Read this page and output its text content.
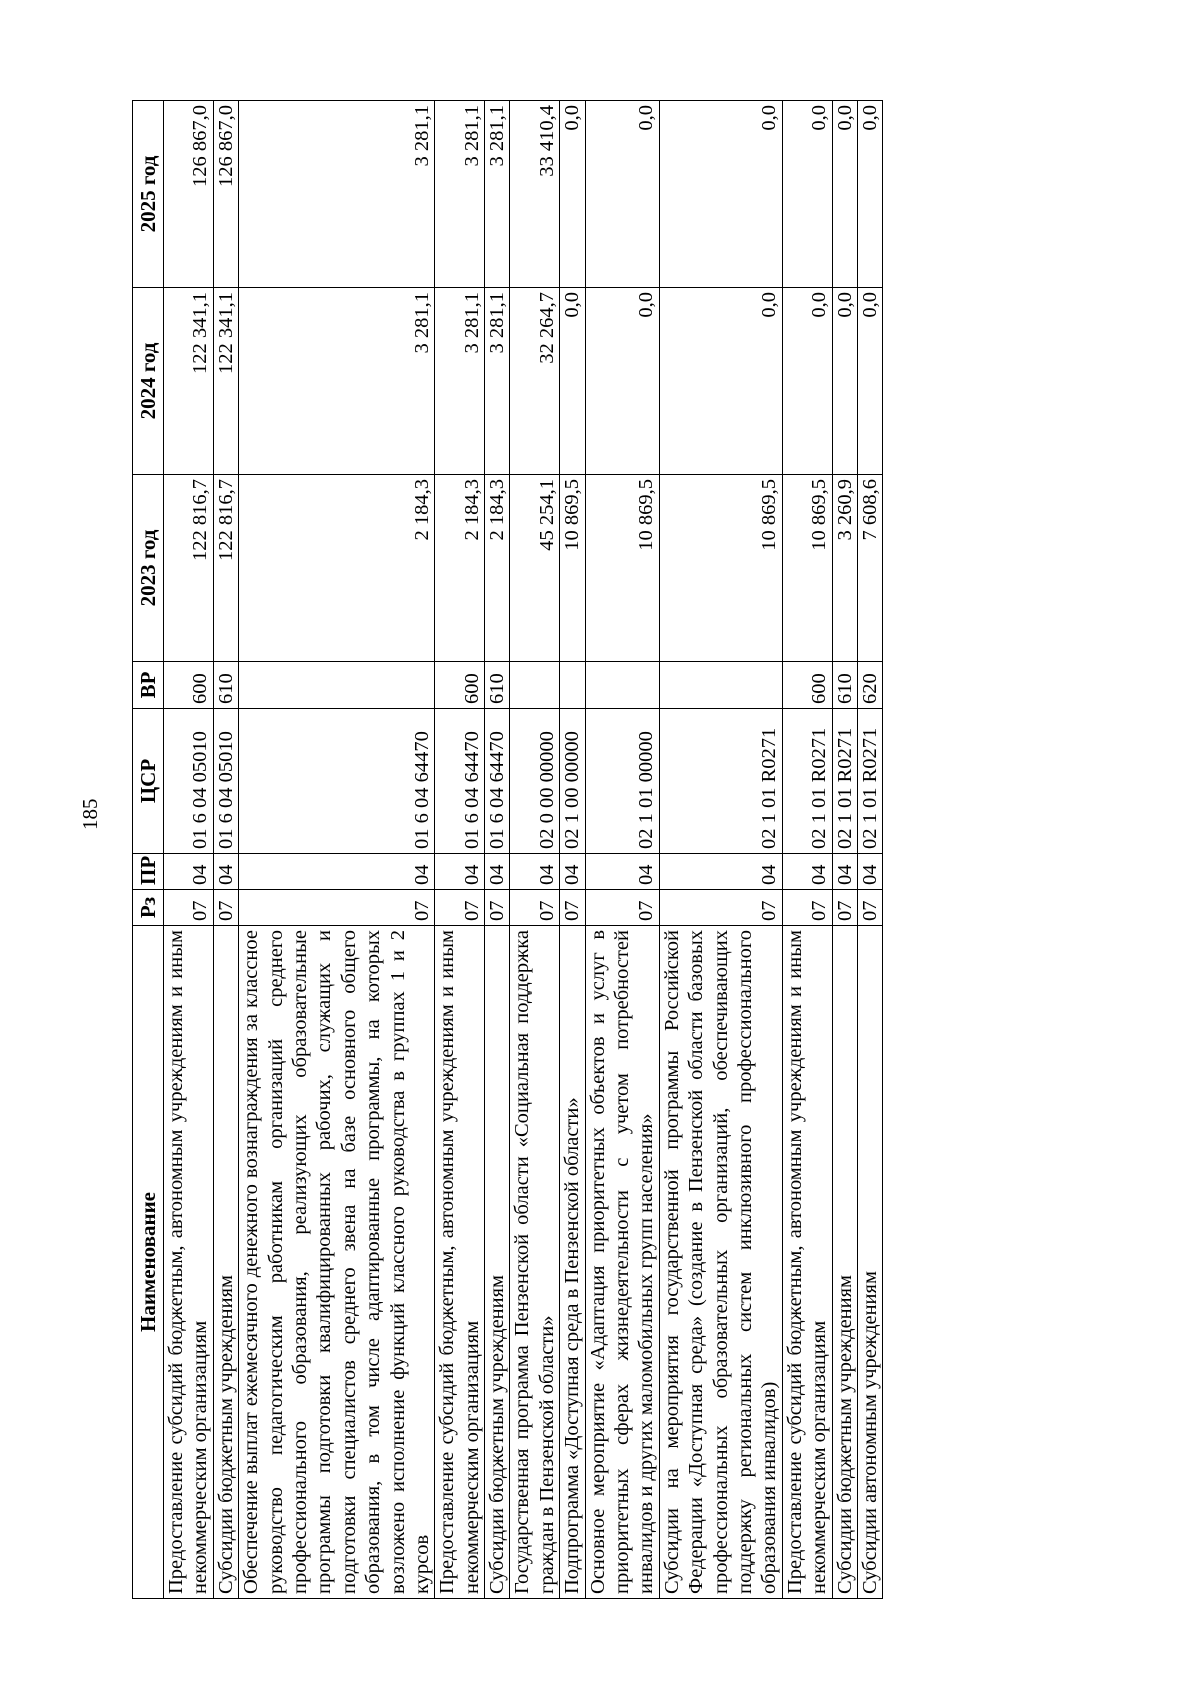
185
Наименование	Рз	ПР	ЦСР	ВР	2023 год	2024 год	2025 год
Предоставление субсидий бюджетным, автономным учреждениям и иным некоммерческим организациям	07	04	01 6 04 05010	600	122 816,7	122 341,1	126 867,0
Субсидии бюджетным учреждениям	07	04	01 6 04 05010	610	122 816,7	122 341,1	126 867,0
Обеспечение выплат ежемесячного денежного вознаграждения за классное руководство педагогическим работникам организаций среднего профессионального образования, реализующих образовательные программы подготовки квалифицированных рабочих, служащих и подготовки специалистов среднего звена на базе основного общего образования, в том числе адаптированные программы, на которых возложено исполнение функций классного руководства в группах 1 и 2 курсов	07	04	01 6 04 64470		2 184,3	3 281,1	3 281,1
Предоставление субсидий бюджетным, автономным учреждениям и иным некоммерческим организациям	07	04	01 6 04 64470	600	2 184,3	3 281,1	3 281,1
Субсидии бюджетным учреждениям	07	04	01 6 04 64470	610	2 184,3	3 281,1	3 281,1
Государственная программа Пензенской области «Социальная поддержка граждан в Пензенской области»	07	04	02 0 00 00000		45 254,1	32 264,7	33 410,4
Подпрограмма «Доступная среда в Пензенской области»	07	04	02 1 00 00000		10 869,5	0,0	0,0
Основное мероприятие «Адаптация приоритетных объектов и услуг в приоритетных сферах жизнедеятельности с учетом потребностей инвалидов и других маломобильных групп населения»	07	04	02 1 01 00000		10 869,5	0,0	0,0
Субсидии на мероприятия государственной программы Российской Федерации «Доступная среда» (создание в Пензенской области базовых профессиональных образовательных организаций, обеспечивающих поддержку региональных систем инклюзивного профессионального образования инвалидов)	07	04	02 1 01 R0271		10 869,5	0,0	0,0
Предоставление субсидий бюджетным, автономным учреждениям и иным некоммерческим организациям	07	04	02 1 01 R0271	600	10 869,5	0,0	0,0
Субсидии бюджетным учреждениям	07	04	02 1 01 R0271	610	3 260,9	0,0	0,0
Субсидии автономным учреждениям	07	04	02 1 01 R0271	620	7 608,6	0,0	0,0
